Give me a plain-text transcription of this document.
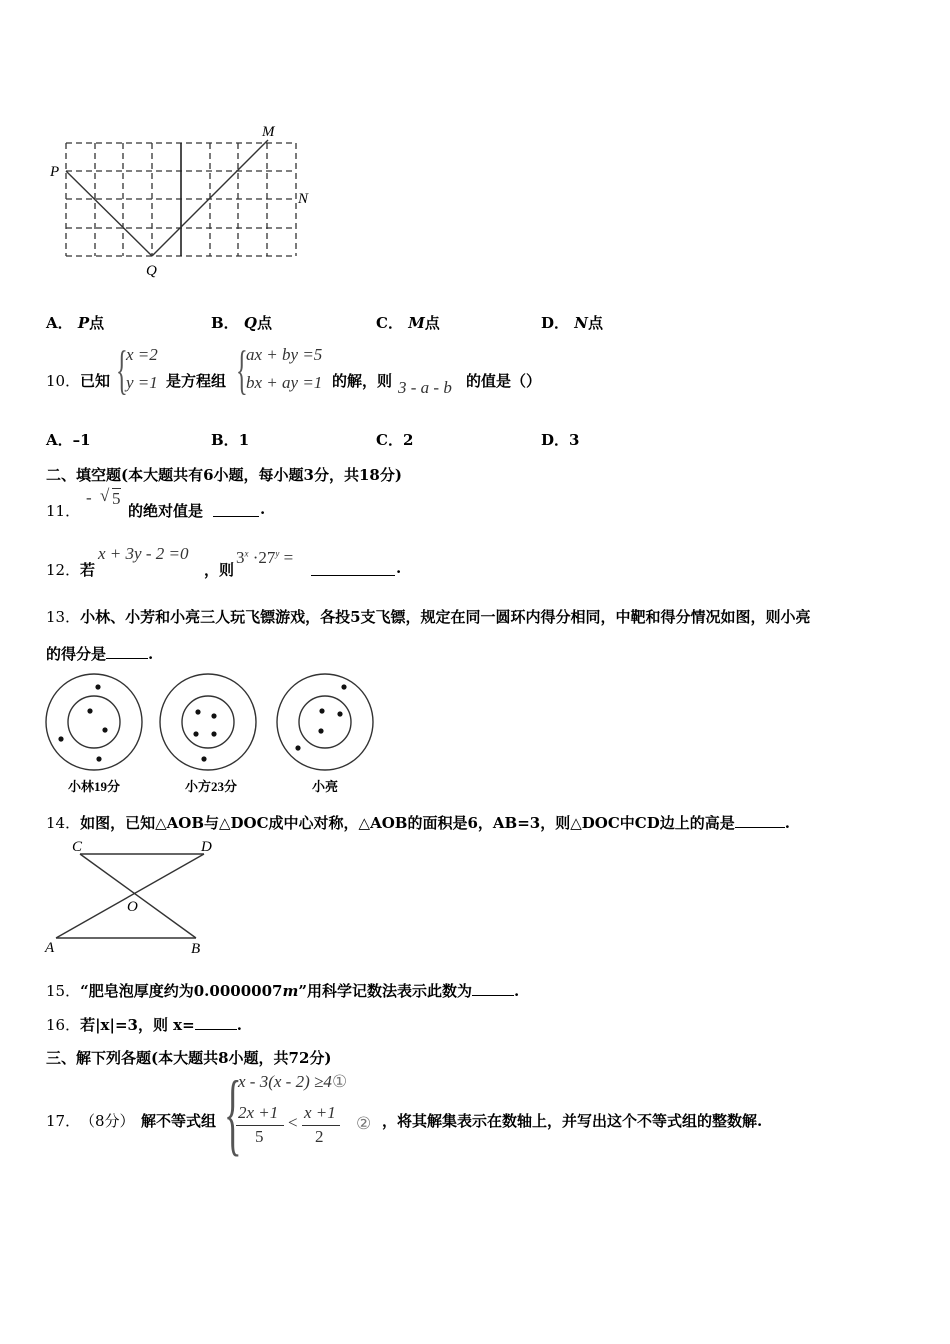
P
Q
M
N
A． P点	B． Q点	C． M点	D． N点
10． 已知 {
x =2
y =1 是方程组 {
ax + by =5
bx + ay =1 的解，则 3 - a - b 的值是（）
A．–1	B．1	C．2	D．3
二、填空题(本大题共有6小题，每小题3分，共18分)
11．
- √ 5
的绝对值是	.
12． 若
x + 3y - 2 =0
，则
$3^x \cdot 27^y$ =
.
13．小林、小芳和小亮三人玩飞镖游戏，各投5支飞镖，规定在同一圆环内得分相同，中靶和得分情况如图，则小亮
的得分是	.
小林19分	小方23分	小亮
14．如图，已知△AOB与△DOC成中心对称，△AOB的面积是6，AB=3，则△DOC中CD边上的高是	.
C	D
O
A	B
15．“肥皂泡厚度约为0.0000007m”用科学记数法表示此数为	.
16．若|x|=3，则 x=	.
三、解下列各题(本大题共8小题，共72分)
17． （8分） 解不等式组 {
x - 3(x - 2) ≥4 ①
2x +1
5
<
x +1
2
② ，将其解集表示在数轴上，并写出这个不等式组的整数解.
